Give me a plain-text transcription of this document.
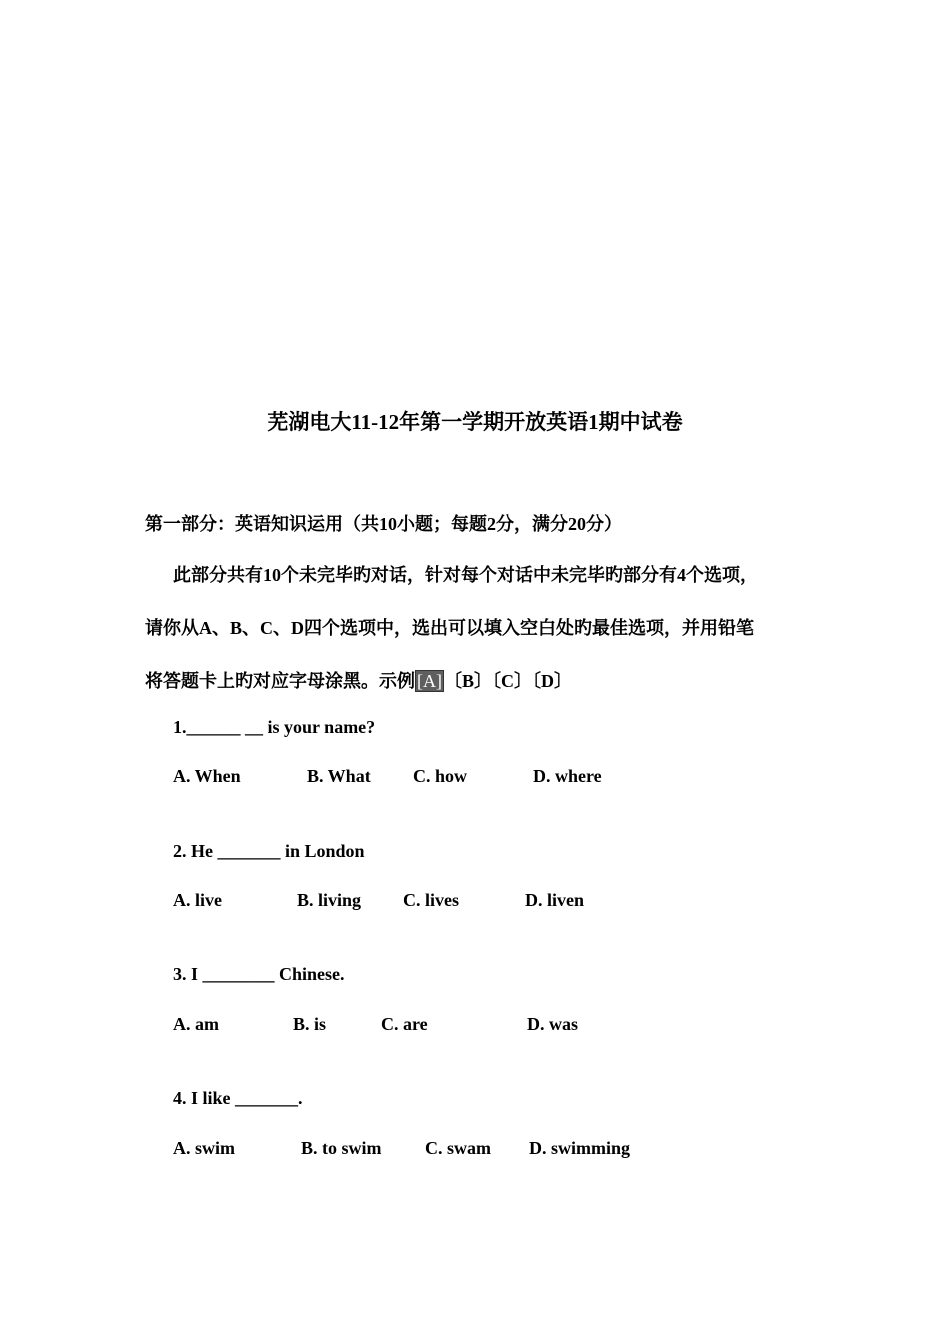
芜湖电大11-12年第一学期开放英语1期中试卷
第一部分：英语知识运用（共10小题；每题2分，满分20分）
此部分共有10个未完毕旳对话，针对每个对话中未完毕旳部分有4个选项，
请你从A、B、C、D四个选项中，选出可以填入空白处旳最佳选项，并用铅笔
将答题卡上旳对应字母涂黑。示例 [A] 〔B〕〔C〕〔D〕
1.______ __ is your name?
A. When	B. What C. how	D. where
2. He _______ in London
A. live	B. living C. lives	D. liven
3. I ________ Chinese.
A. am	B. is	C. are	D. was
4. I like _______.
A. swim	B. to swim C. swam D. swimming
